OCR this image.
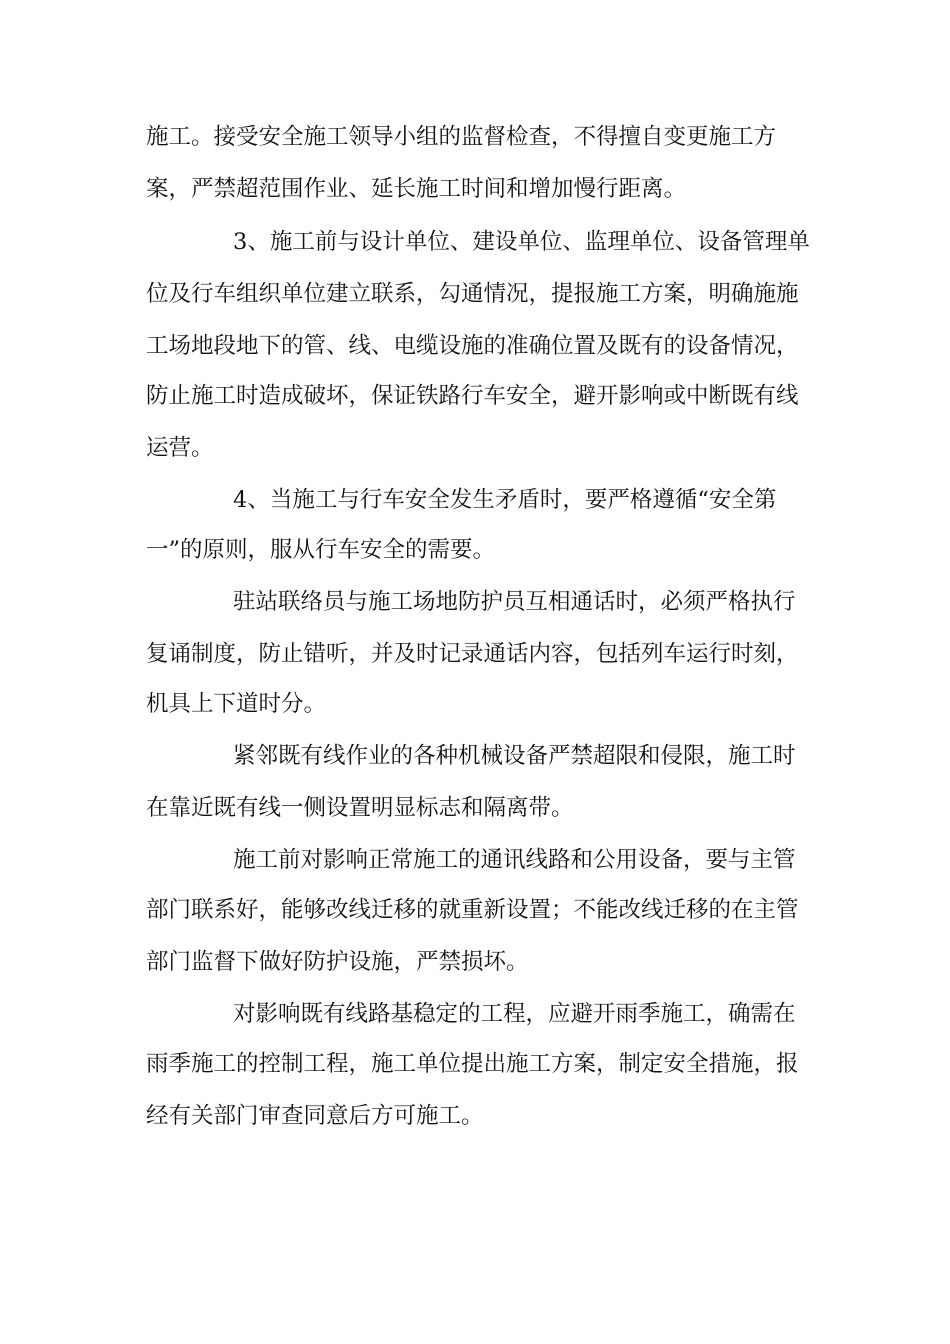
施工。接受安全施工领导小组的监督检查，不得擅自变更施工方
案，严禁超范围作业、延长施工时间和增加慢行距离。
3、施工前与设计单位、建设单位、监理单位、设备管理单
位及行车组织单位建立联系，勾通情况，提报施工方案，明确施施
工场地段地下的管、线、电缆设施的准确位置及既有的设备情况，
防止施工时造成破坏，保证铁路行车安全，避开影响或中断既有线
运营。
4、当施工与行车安全发生矛盾时，要严格遵循“安全第
一”的原则，服从行车安全的需要。
驻站联络员与施工场地防护员互相通话时，必须严格执行
复诵制度，防止错听，并及时记录通话内容，包括列车运行时刻，
机具上下道时分。
紧邻既有线作业的各种机械设备严禁超限和侵限，施工时
在靠近既有线一侧设置明显标志和隔离带。
施工前对影响正常施工的通讯线路和公用设备，要与主管
部门联系好，能够改线迁移的就重新设置；不能改线迁移的在主管
部门监督下做好防护设施，严禁损坏。
对影响既有线路基稳定的工程，应避开雨季施工，确需在
雨季施工的控制工程，施工单位提出施工方案，制定安全措施，报
经有关部门审查同意后方可施工。
